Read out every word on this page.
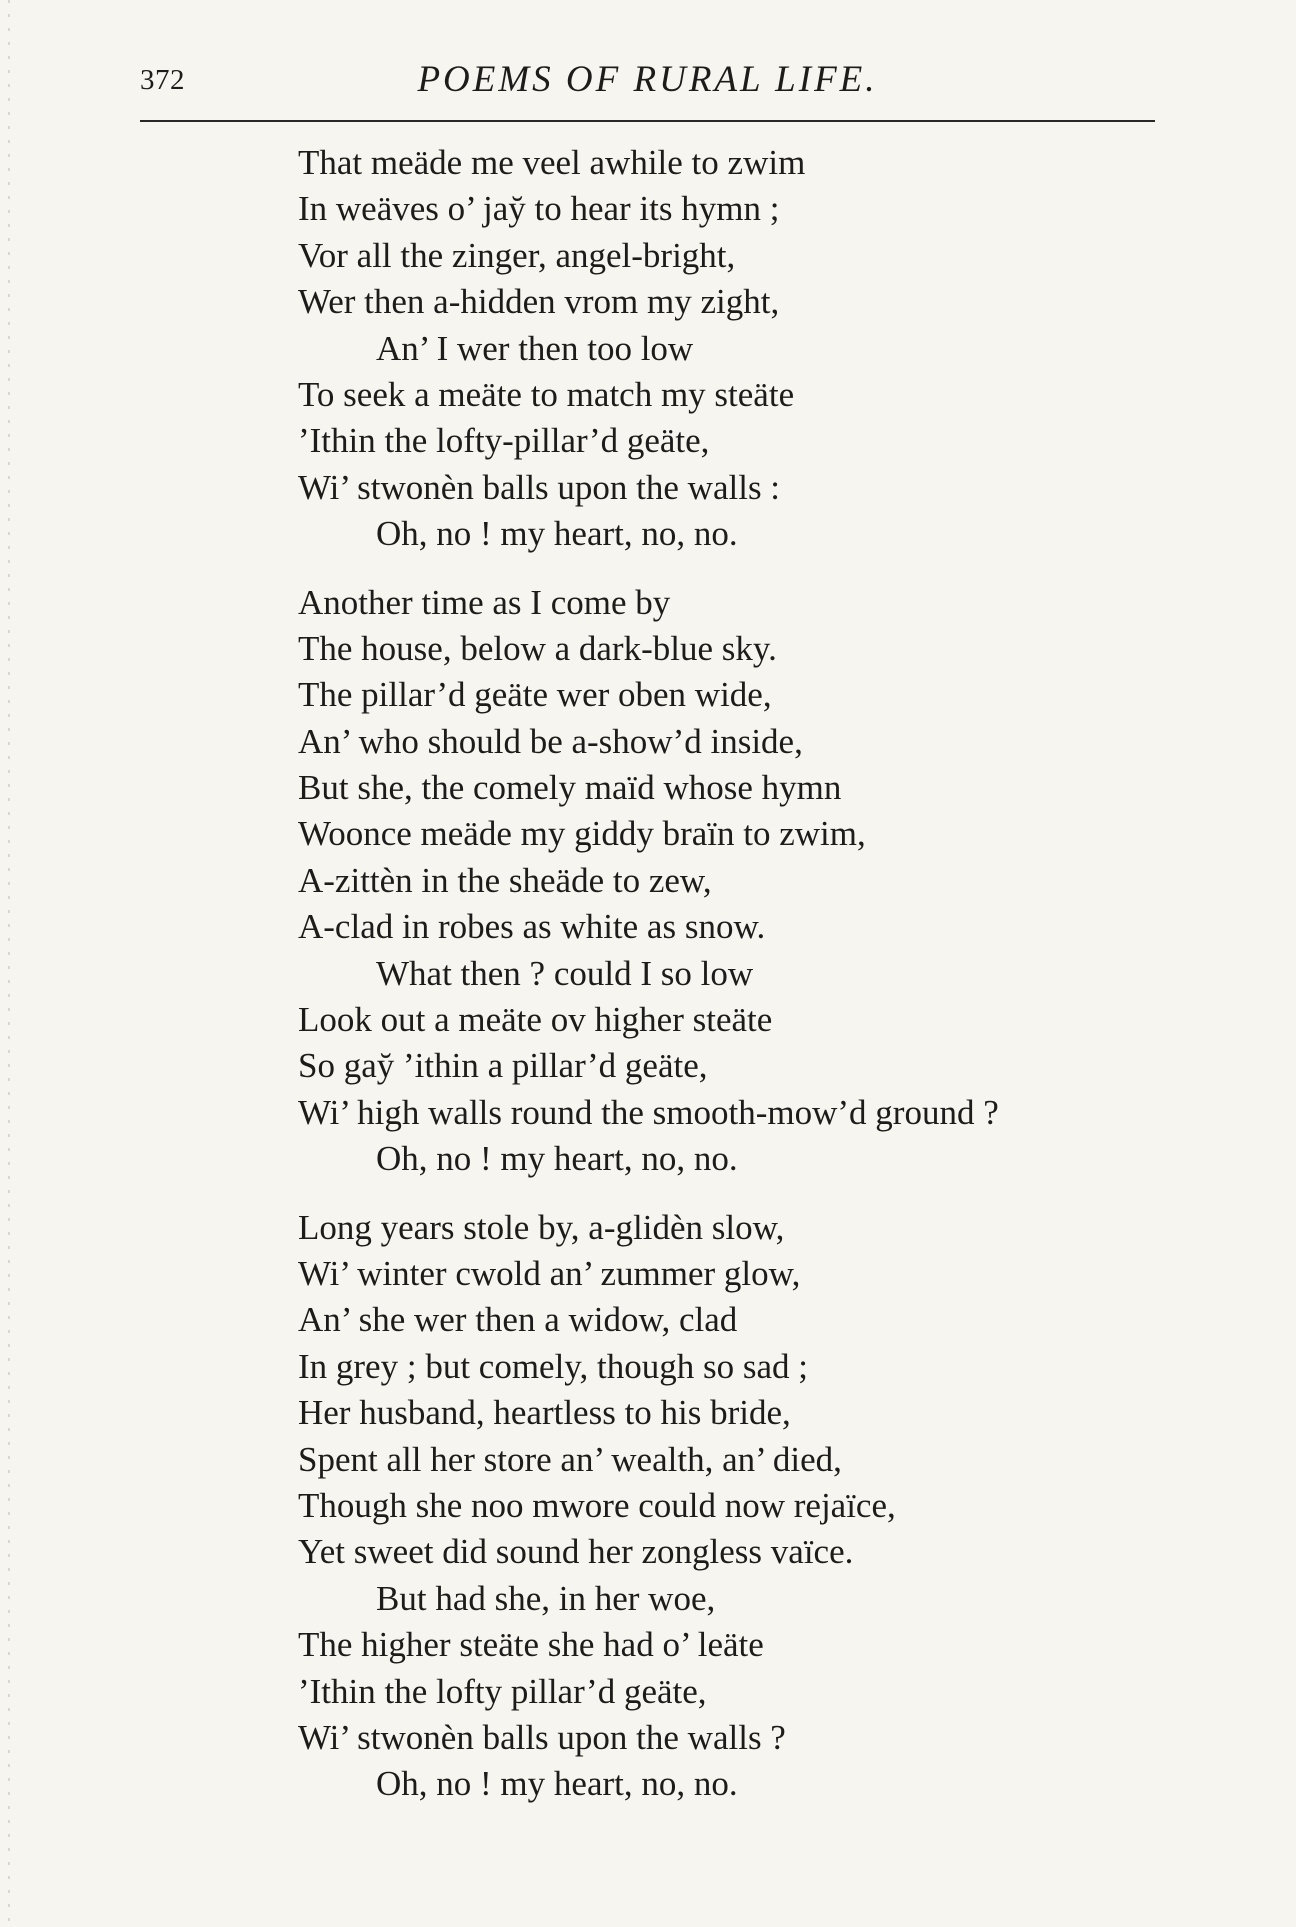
372	POEMS OF RURAL LIFE.
That meäde me veel awhile to zwim
In weäves o’ jay̆ to hear its hymn ;
Vor all the zinger, angel-bright,
Wer then a-hidden vrom my zight,
An’ I wer then too low
To seek a meäte to match my steäte
’Ithin the lofty-pillar’d geäte,
Wi’ stwonèn balls upon the walls :
Oh, no ! my heart, no, no.
Another time as I come by
The house, below a dark-blue sky.
The pillar’d geäte wer oben wide,
An’ who should be a-show’d inside,
But she, the comely maïd whose hymn
Woonce meäde my giddy braïn to zwim,
A-zittèn in the sheäde to zew,
A-clad in robes as white as snow.
What then ? could I so low
Look out a meäte ov higher steäte
So gay̆ ’ithin a pillar’d geäte,
Wi’ high walls round the smooth-mow’d ground ?
Oh, no ! my heart, no, no.
Long years stole by, a-glidèn slow,
Wi’ winter cwold an’ zummer glow,
An’ she wer then a widow, clad
In grey ; but comely, though so sad ;
Her husband, heartless to his bride,
Spent all her store an’ wealth, an’ died,
Though she noo mwore could now rejaïce,
Yet sweet did sound her zongless vaïce.
But had she, in her woe,
The higher steäte she had o’ leäte
’Ithin the lofty pillar’d geäte,
Wi’ stwonèn balls upon the walls ?
Oh, no ! my heart, no, no.
